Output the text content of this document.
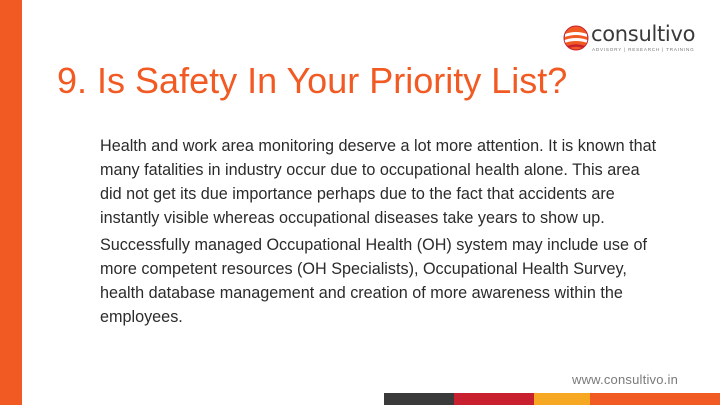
consultivo
ADVISORY | RESEARCH | TRAINING
9. Is Safety In Your Priority List?

Health and work area monitoring deserve a lot more attention. It is known that many fatalities in industry occur due to occupational health alone. This area did not get its due importance perhaps due to the fact that accidents are instantly visible whereas occupational diseases take years to show up.

Successfully managed Occupational Health (OH) system may include use of more competent resources (OH Specialists), Occupational Health Survey, health database management and creation of more awareness within the employees.

www.consultivo.in
